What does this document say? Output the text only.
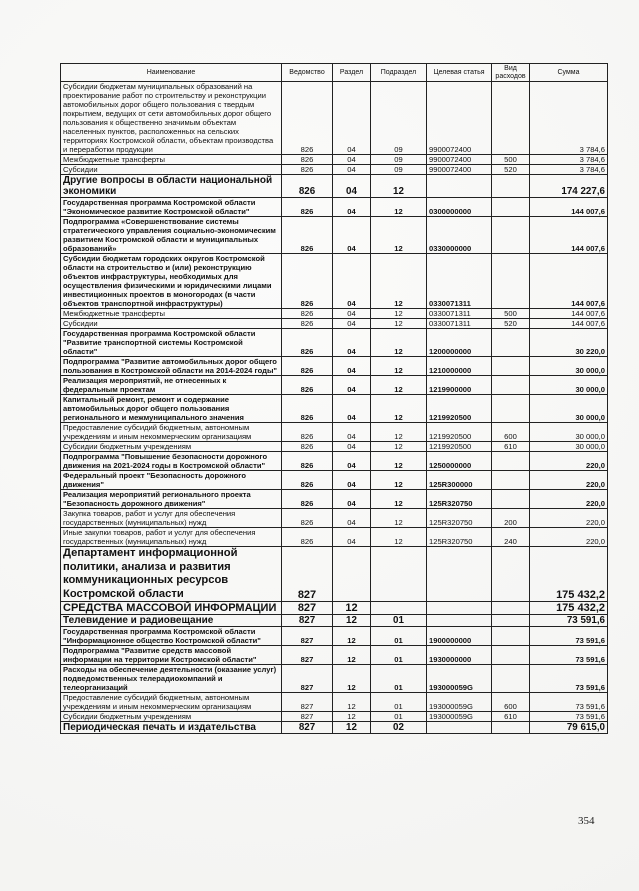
Наименование	Ведомство	Раздел	Подраздел	Целевая статья	Вид расходов	Сумма
Субсидии бюджетам муниципальных образований на проектирование работ по строительству и реконструкции автомобильных дорог общего пользования с твердым покрытием, ведущих от сети автомобильных дорог общего пользования к общественно значимым объектам населенных пунктов, расположенных на сельских территориях Костромской области, объектам производства и переработки продукции	826	04	09	9900072400		3 784,6
Межбюджетные трансферты	826	04	09	9900072400	500	3 784,6
Субсидии	826	04	09	9900072400	520	3 784,6
Другие вопросы в области национальной экономики	826	04	12			174 227,6
Государственная программа Костромской области "Экономическое развитие Костромской области"	826	04	12	0300000000		144 007,6
Подпрограмма «Совершенствование системы стратегического управления социально-экономическим развитием Костромской области и муниципальных образований»	826	04	12	0330000000		144 007,6
Субсидии бюджетам городских округов Костромской области на строительство и (или) реконструкцию объектов инфраструктуры, необходимых для осуществления физическими и юридическими лицами инвестиционных проектов в моногородах (в части объектов транспортной инфраструктуры)	826	04	12	0330071311		144 007,6
Межбюджетные трансферты	826	04	12	0330071311	500	144 007,6
Субсидии	826	04	12	0330071311	520	144 007,6
Государственная программа Костромской области "Развитие транспортной системы Костромской области"	826	04	12	1200000000		30 220,0
Подпрограмма "Развитие автомобильных дорог общего пользования в Костромской области на 2014-2024 годы"	826	04	12	1210000000		30 000,0
Реализация мероприятий, не отнесенных к федеральным проектам	826	04	12	1219900000		30 000,0
Капитальный ремонт, ремонт и содержание автомобильных дорог общего пользования регионального и межмуниципального значения	826	04	12	1219920500		30 000,0
Предоставление субсидий бюджетным, автономным учреждениям и иным некоммерческим организациям	826	04	12	1219920500	600	30 000,0
Субсидии бюджетным учреждениям	826	04	12	1219920500	610	30 000,0
Подпрограмма "Повышение безопасности дорожного движения на 2021-2024 годы в Костромской области"	826	04	12	1250000000		220,0
Федеральный проект "Безопасность дорожного движения"	826	04	12	125R300000		220,0
Реализация мероприятий регионального проекта "Безопасность дорожного движения"	826	04	12	125R320750		220,0
Закупка товаров, работ и услуг для обеспечения государственных (муниципальных) нужд	826	04	12	125R320750	200	220,0
Иные закупки товаров, работ и услуг для обеспечения государственных (муниципальных) нужд	826	04	12	125R320750	240	220,0
Департамент информационной политики, анализа и развития коммуникационных ресурсов Костромской области	827					175 432,2
СРЕДСТВА МАССОВОЙ ИНФОРМАЦИИ	827	12				175 432,2
Телевидение и радиовещание	827	12	01			73 591,6
Государственная программа Костромской области "Информационное общество Костромской области"	827	12	01	1900000000		73 591,6
Подпрограмма "Развитие средств массовой информации на территории Костромской области"	827	12	01	1930000000		73 591,6
Расходы на обеспечение деятельности (оказание услуг) подведомственных телерадиокомпаний и телеорганизаций	827	12	01	193000059G		73 591,6
Предоставление субсидий бюджетным, автономным учреждениям и иным некоммерческим организациям	827	12	01	193000059G	600	73 591,6
Субсидии бюджетным учреждениям	827	12	01	193000059G	610	73 591,6
Периодическая печать и издательства	827	12	02			79 615,0
354
